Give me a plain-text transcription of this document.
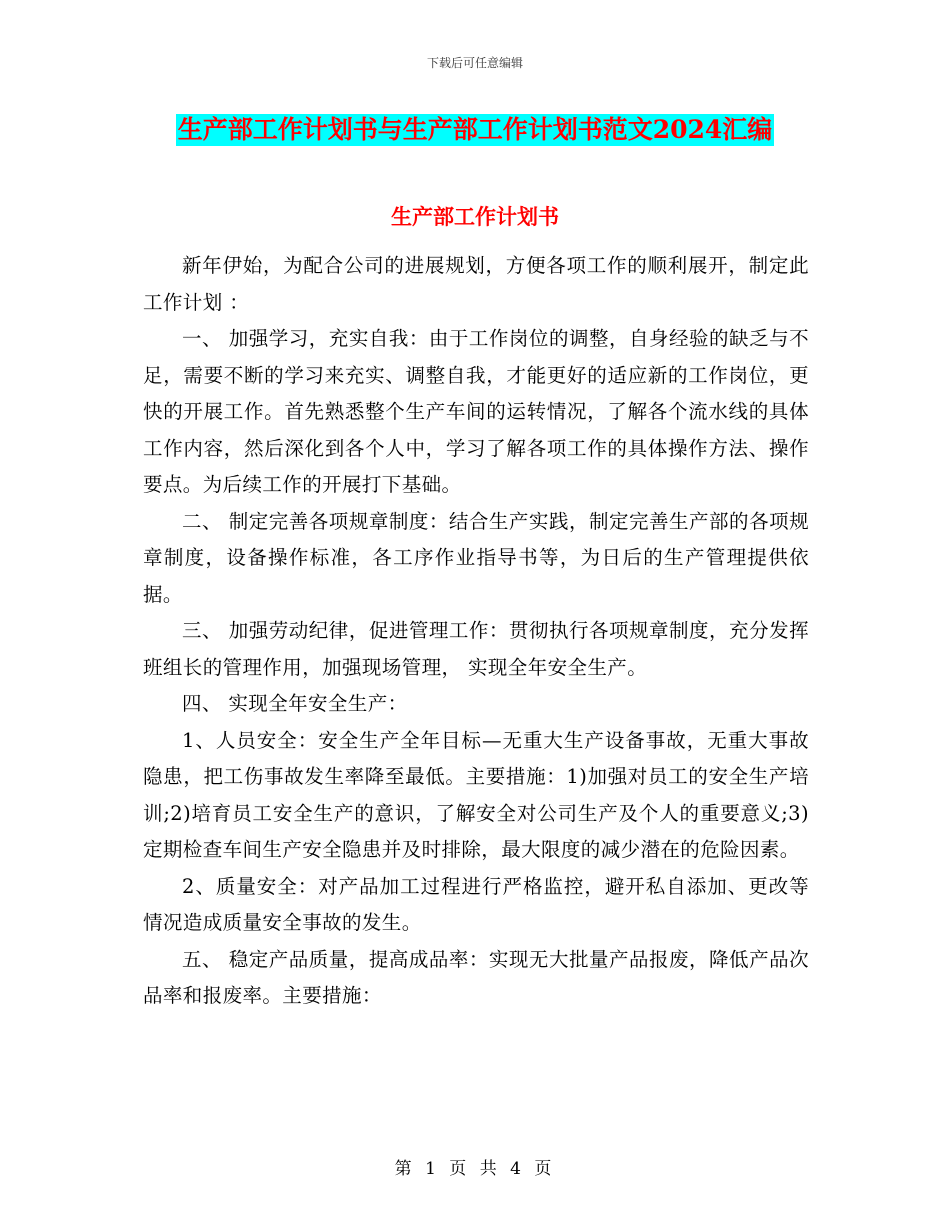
下载后可任意编辑
生产部工作计划书与生产部工作计划书范文2024汇编
生产部工作计划书

新年伊始，为配合公司的进展规划，方便各项工作的顺利展开，制定此工作计划 ：

一、 加强学习，充实自我：由于工作岗位的调整，自身经验的缺乏与不足，需要不断的学习来充实、调整自我，才能更好的适应新的工作岗位，更快的开展工作。首先熟悉整个生产车间的运转情况，了解各个流水线的具体工作内容，然后深化到各个人中，学习了解各项工作的具体操作方法、操作要点。为后续工作的开展打下基础。

二、 制定完善各项规章制度：结合生产实践，制定完善生产部的各项规章制度，设备操作标准，各工序作业指导书等，为日后的生产管理提供依据。

三、 加强劳动纪律，促进管理工作：贯彻执行各项规章制度，充分发挥班组长的管理作用，加强现场管理， 实现全年安全生产。

四、 实现全年安全生产：

1、人员安全：安全生产全年目标—无重大生产设备事故，无重大事故隐患，把工伤事故发生率降至最低。主要措施：1)加强对员工的安全生产培训;2)培育员工安全生产的意识，了解安全对公司生产及个人的重要意义;3)定期检查车间生产安全隐患并及时排除，最大限度的减少潜在的危险因素。

2、质量安全：对产品加工过程进行严格监控，避开私自添加、更改等情况造成质量安全事故的发生。

五、 稳定产品质量，提高成品率：实现无大批量产品报废，降低产品次品率和报废率。主要措施：

第 1 页 共 4 页
